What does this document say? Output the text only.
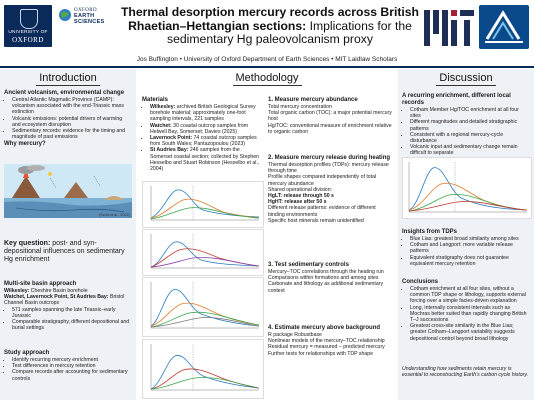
UNIVERSITY OF
OXFORD
OXFORD
EARTH SCIENCES
Thermal desorption mercury records across British Rhaetian–Hettangian sections: Implications for the sedimentary Hg paleovolcanism proxy
Jos Buffington • University of Oxford Department of Earth Sciences • MIT Laidlaw Scholars
Introduction
Ancient volcanism, environmental change
• Central Atlantic Magmatic Province (CAMP): volcanism associated with the end-Triassic mass extinction
• Volcanic emissions: potential drivers of warming and ecosystem disruption
• Sedimentary records: evidence for the timing and magnitude of past emissions
Why mercury?
(Scott et al., 2022)
Key question: post- and syn-depositional influences on sedimentary Hg enrichment
Multi-site basin approach
Wilkesley: Cheshire Basin borehole
Watchet, Lavernock Point, St Audries Bay: Bristol Channel Basin outcrops
• 571 samples spanning the late Triassic–early Jurassic
• Comparable stratigraphy, different depositional and burial settings
Study approach
• Identify recurring mercury enrichment
• Test differences in mercury retention
• Compare records after accounting for sedimentary controls
Methodology
Materials
• Wilkesley: archived British Geological Survey borehole material; approximately one-foot sampling intervals, 221 samples
• Watchet: 30 coastal outcrop samples from Helwell Bay, Somerset; Davies (2025)
• Lavernock Point: 74 coastal outcrop samples from South Wales; Pantazopoulou (2023)
• St Audries Bay: 246 samples from the Somerset coastal section; collected by Stephen Hesselbo and Stuart Robinson (Hesselbo et al., 2004)
1. Measure mercury abundance
Total mercury concentration
Total organic carbon (TOC): a major potential mercury host
Hg/TOC: conventional measure of enrichment relative to organic carbon
2. Measure mercury release during heating
Thermal desorption profiles (TDPs): mercury release through time
Profile shapes compared independently of total mercury abundance
Shared operational division:
HgLT: release through 50 s
HgHT: release after 50 s
Different release patterns: evidence of different binding environments
Specific host minerals remain unidentified
3. Test sedimentary controls
Mercury–TOC correlations through the heating run
Comparisons within formations and among sites
Carbonate and lithology as additional sedimentary context
4. Estimate mercury above background
R package Robustbase
Nonlinear models of the mercury–TOC relationship
Residual mercury = measured − predicted mercury
Further tests for relationships with TDP shape
Discussion
A recurring enrichment, different local records
• Cotham Member Hg/TOC enrichment at all four sites
• Different magnitudes and detailed stratigraphic patterns
• Consistent with a regional mercury-cycle disturbance
• Volcanic input and sedimentary change remain difficult to separate
Insights from TDPs
• Blue Lias: greatest broad similarity among sites
• Cotham and Langport: more variable release patterns
• Equivalent stratigraphy does not guarantee equivalent mercury retention
Conclusions
• Cotham enrichment at all four sites, without a common TDP shape or lithology, supports external forcing over a simple facies-driven explanation
• Long, internally consistent intervals such as Mochras better suited than rapidly changing British T–J successions
• Greatest cross-site similarity in the Blue Lias; greater Cotham–Langport variability suggests depositional control beyond broad lithology
Understanding how sediments retain mercury is essential to reconstructing Earth's carbon cycle history.
